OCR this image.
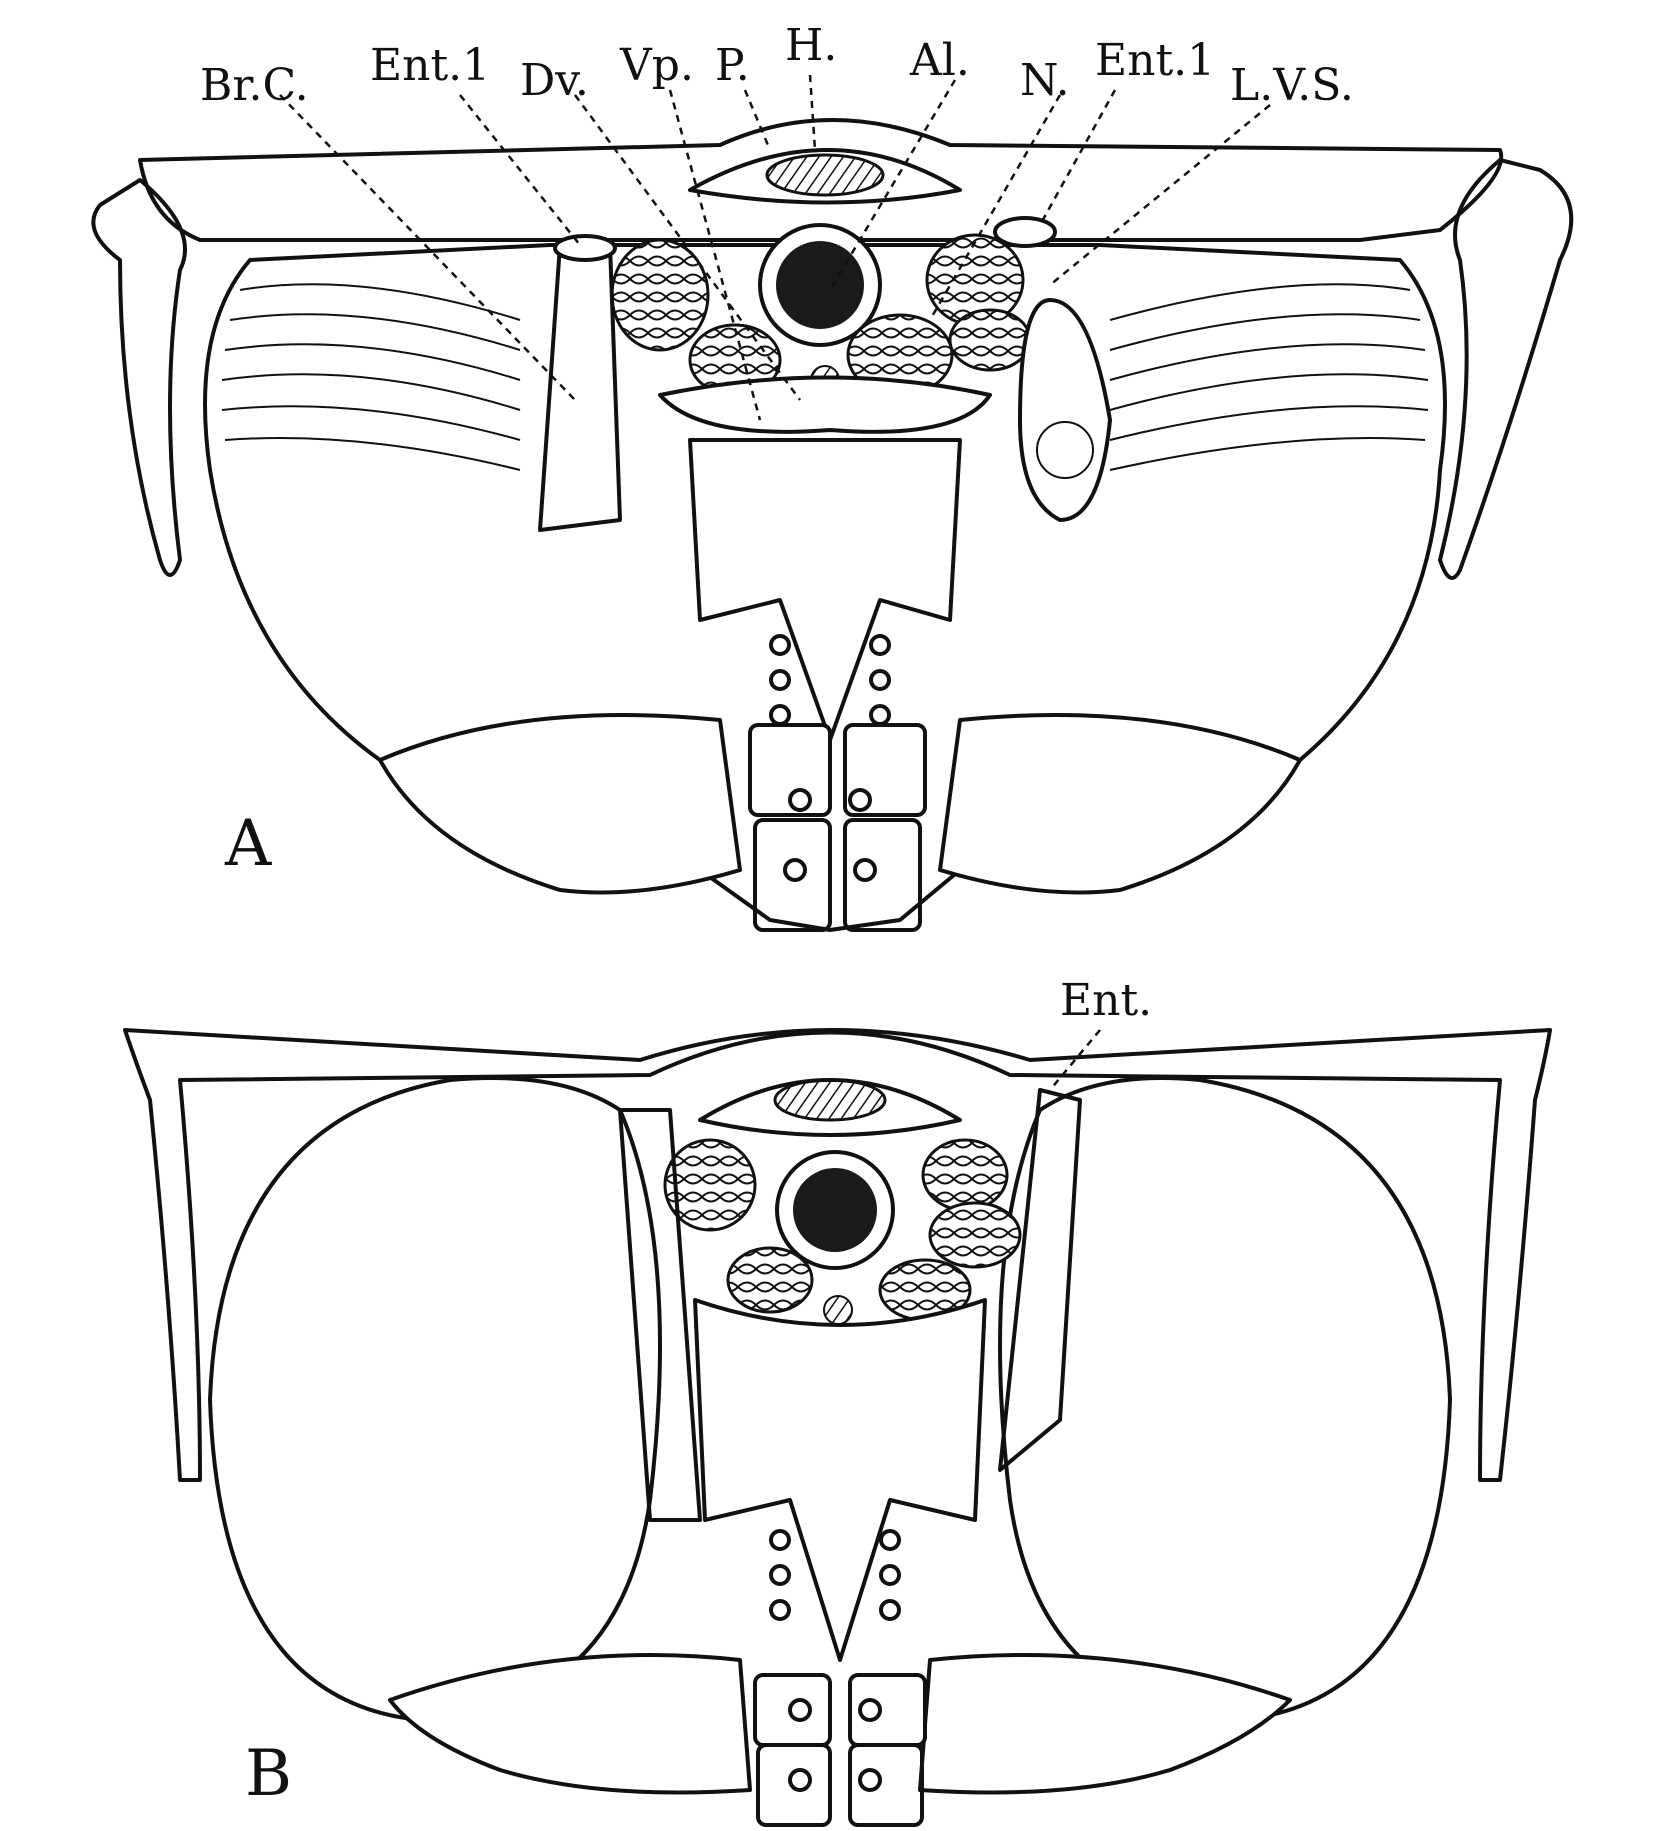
Br.C. Ent.1 Dv. Vp. P. H. Al. N. Ent.1 L.V.S.
A
Ent.
B
